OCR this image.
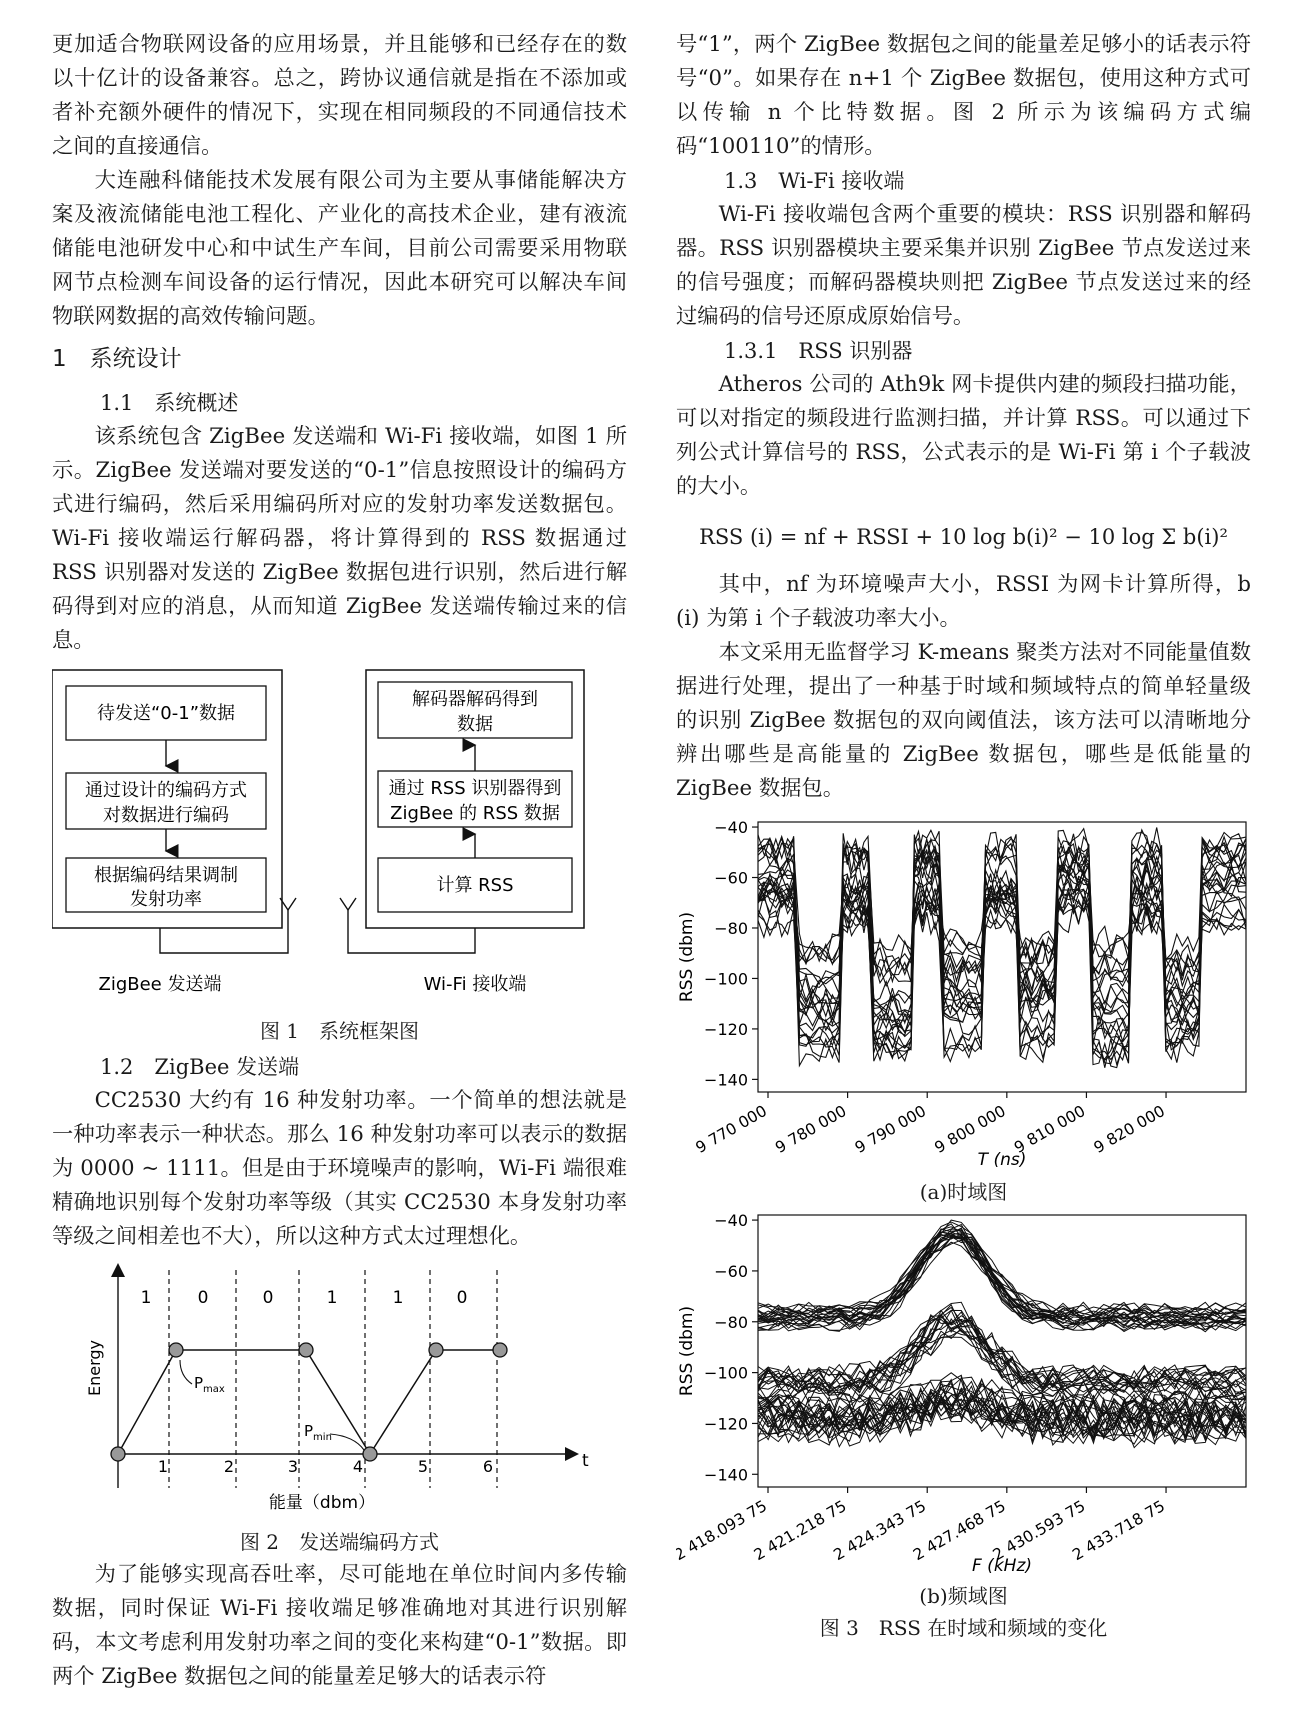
更加适合物联网设备的应用场景，并且能够和已经存在的数以十亿计的设备兼容。总之，跨协议通信就是指在不添加或者补充额外硬件的情况下，实现在相同频段的不同通信技术之间的直接通信。

大连融科储能技术发展有限公司为主要从事储能解决方案及液流储能电池工程化、产业化的高技术企业，建有液流储能电池研发中心和中试生产车间，目前公司需要采用物联网节点检测车间设备的运行情况，因此本研究可以解决车间物联网数据的高效传输问题。

1　系统设计
1.1　系统概述

该系统包含 ZigBee 发送端和 Wi-Fi 接收端，如图 1 所示。ZigBee 发送端对要发送的“0-1”信息按照设计的编码方式进行编码，然后采用编码所对应的发射功率发送数据包。Wi-Fi 接收端运行解码器，将计算得到的 RSS 数据通过 RSS 识别器对发送的 ZigBee 数据包进行识别，然后进行解码得到对应的消息，从而知道 ZigBee 发送端传输过来的信息。

待发送“0-1”数据
通过设计的编码方式
对数据进行编码
根据编码结果调制
发射功率
解码器解码得到
数据
通过 RSS 识别器得到
ZigBee 的 RSS 数据
计算 RSS
ZigBee 发送端	Wi-Fi 接收端
图 1　系统框架图
1.2　ZigBee 发送端

CC2530 大约有 16 种发射功率。一个简单的想法就是一种功率表示一种状态。那么 16 种发射功率可以表示的数据为 0000 ~ 1111。但是由于环境噪声的影响，Wi-Fi 端很难精确地识别每个发射功率等级（其实 CC2530 本身发射功率等级之间相差也不大），所以这种方式太过理想化。

Energy
t
1	0	0	1	1	0
1	2	3	4	5	6
$P_{max}$
$P_{min}$
能量（dbm）
图 2　发送端编码方式

为了能够实现高吞吐率，尽可能地在单位时间内多传输数据，同时保证 Wi-Fi 接收端足够准确地对其进行识别解码，本文考虑利用发射功率之间的变化来构建“0-1”数据。即两个 ZigBee 数据包之间的能量差足够大的话表示符

号“1”，两个 ZigBee 数据包之间的能量差足够小的话表示符号“0”。如果存在 n+1 个 ZigBee 数据包，使用这种方式可以传输 n 个比特数据。图 2 所示为该编码方式编码“100110”的情形。

1.3　Wi-Fi 接收端

Wi-Fi 接收端包含两个重要的模块：RSS 识别器和解码器。RSS 识别器模块主要采集并识别 ZigBee 节点发送过来的信号强度；而解码器模块则把 ZigBee 节点发送过来的经过编码的信号还原成原始信号。

1.3.1　RSS 识别器

Atheros 公司的 Ath9k 网卡提供内建的频段扫描功能，可以对指定的频段进行监测扫描，并计算 RSS。可以通过下列公式计算信号的 RSS，公式表示的是 Wi-Fi 第 i 个子载波的大小。

RSS (i) = nf + RSSI + 10 log b(i)² − 10 log Σ b(i)²

其中，nf 为环境噪声大小，RSSI 为网卡计算所得，b (i) 为第 i 个子载波功率大小。

本文采用无监督学习 K-means 聚类方法对不同能量值数据进行处理，提出了一种基于时域和频域特点的简单轻量级的识别 ZigBee 数据包的双向阈值法，该方法可以清晰地分辨出哪些是高能量的 ZigBee 数据包，哪些是低能量的 ZigBee 数据包。

−40
−60
−80
−100
−120
−140
9 770 000 9 780 000 9 790 000 9 800 000 9 810 000 9 820 000
RSS (dbm)
T (ns)
(a)时域图
−40
−60
−80
−100
−120
−140
2 418.093 75
2 421.218 75
2 424.343 75
2 427.468 75
2 430.593 75
2 433.718 75
RSS (dbm)
F (kHz)
(b)频域图
图 3　RSS 在时域和频域的变化
